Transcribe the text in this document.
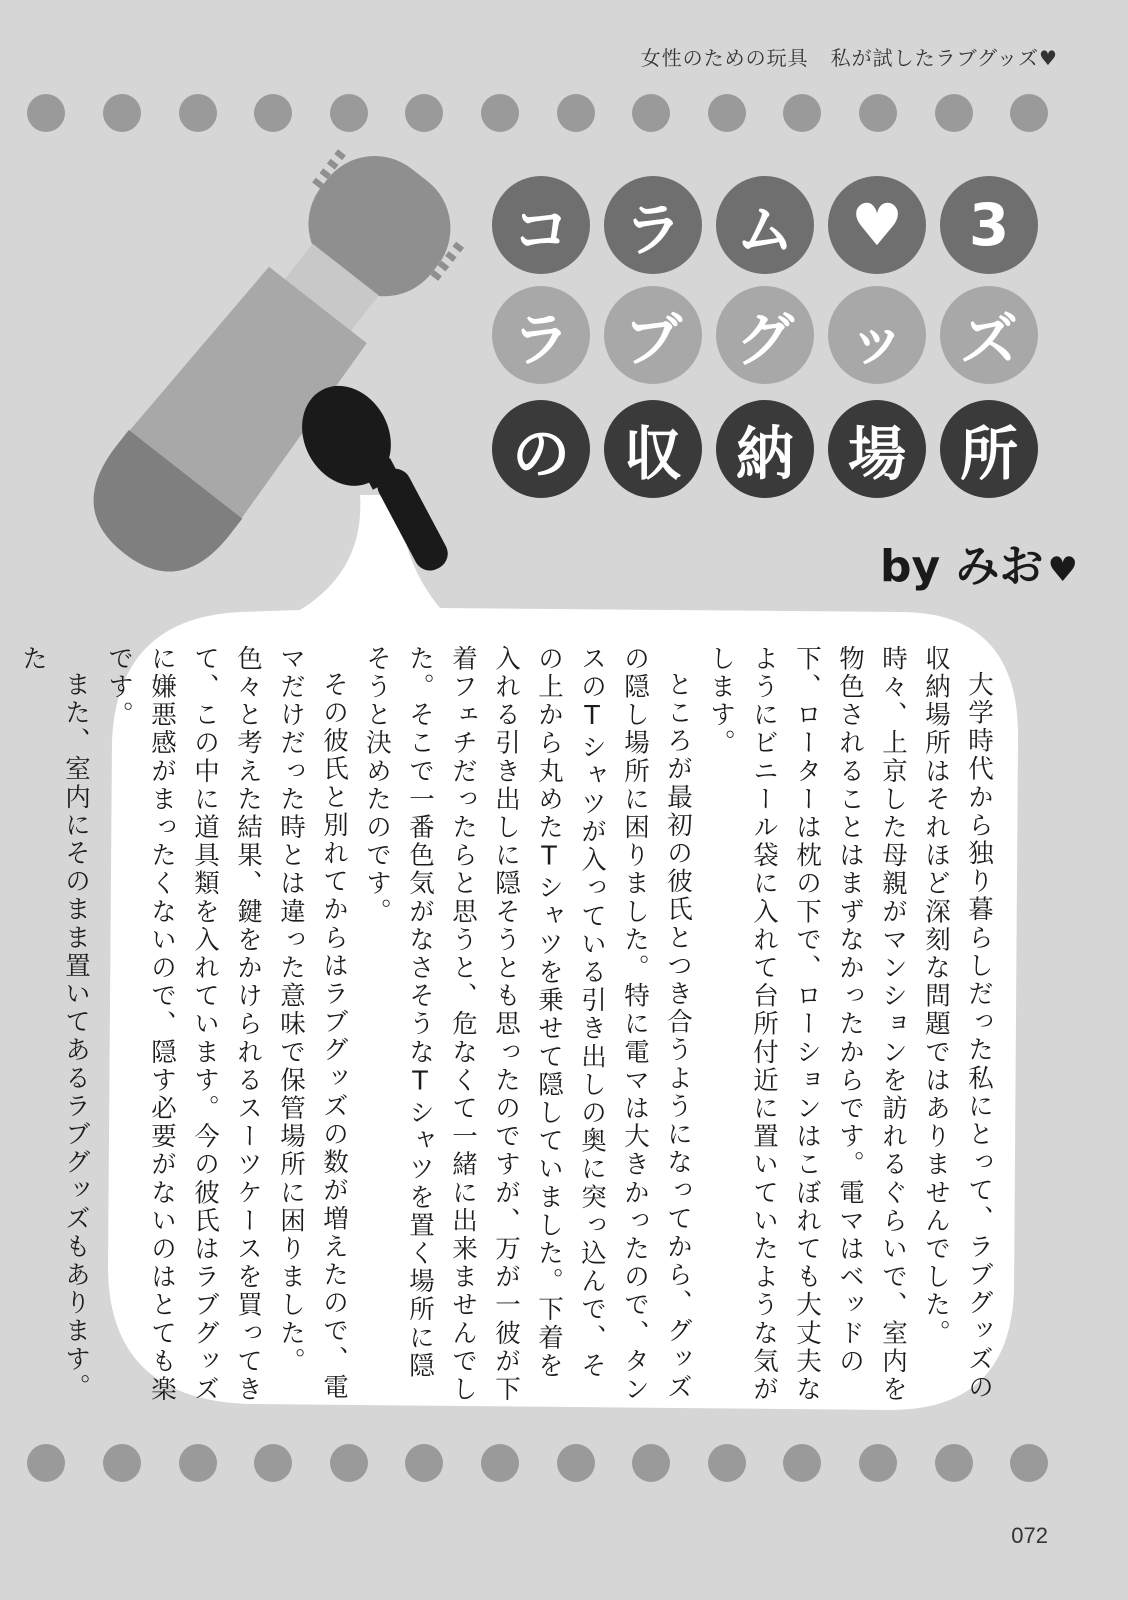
女性のための玩具 私が試したラブグッズ♥
コ ラ ム ♥	3
ラ ブ グ ッ ズ
の 収 納 場 所
by みお ♥

大学時代から独り暮らしだった私にとって、ラブグッズの収納場所はそれほど深刻な問題ではありませんでした。時々、上京した母親がマンションを訪れるぐらいで、室内を物色されることはまずなかったからです。電マはベッドの下、ローターは枕の下で、ローションはこぼれても大丈夫なようにビニール袋に入れて台所付近に置いていたような気がします。

ところが最初の彼氏とつき合うようになってから、グッズの隠し場所に困りました。特に電マは大きかったので、タンスのTシャツが入っている引き出しの奥に突っ込んで、その上から丸めたTシャツを乗せて隠していました。下着を入れる引き出しに隠そうとも思ったのですが、万が一彼が下着フェチだったらと思うと、危なくて一緒に出来ませんでした。そこで一番色気がなさそうなTシャツを置く場所に隠そうと決めたのです。

その彼氏と別れてからはラブグッズの数が増えたので、電マだけだった時とは違った意味で保管場所に困りました。色々と考えた結果、鍵をかけられるスーツケースを買ってきて、この中に道具類を入れています。今の彼氏はラブグッズに嫌悪感がまったくないので、隠す必要がないのはとても楽です。

また、室内にそのまま置いてあるラブグッズもあります。た

072
